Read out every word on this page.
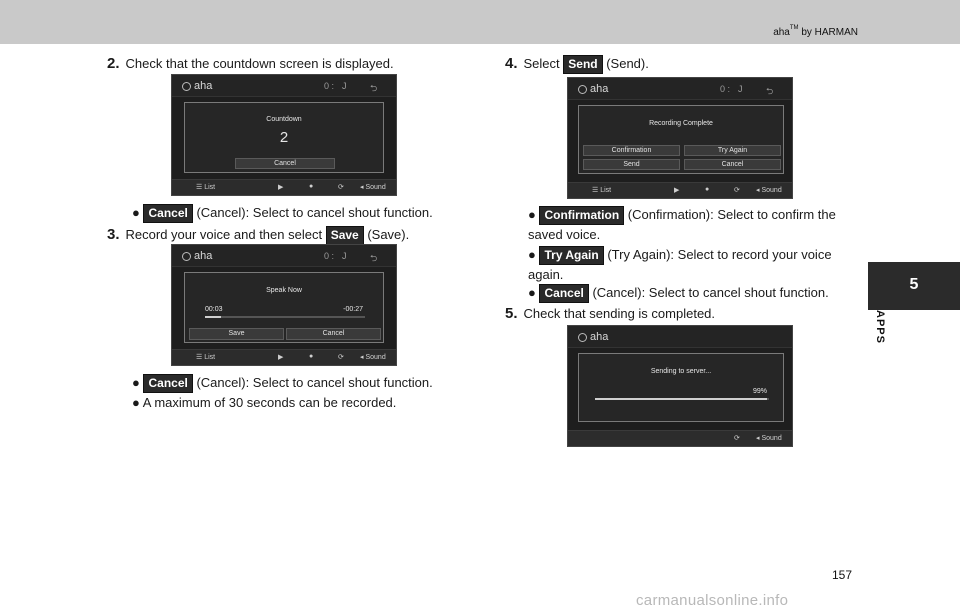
aha™ by HARMAN
5
APPS
2. Check that the countdown screen is displayed.
aha	0 : J	⮌
Countdown
2
Cancel
☰ List	▶	●	⟳ ◂ Sound
● Cancel (Cancel): Select to cancel shout function.
3. Record your voice and then select Save (Save).
aha	0 : J	⮌
Speak Now
00:03	-00:27
Save	Cancel
☰ List	▶	●	⟳ ◂ Sound
● Cancel (Cancel): Select to cancel shout function.
● A maximum of 30 seconds can be recorded.
4. Select Send (Send).
aha	0 : J	⮌
Recording Complete
Confirmation	Try Again
Send	Cancel
☰ List	▶	●	⟳ ◂ Sound
● Confirmation (Confirmation): Select to confirm the saved voice.
● Try Again (Try Again): Select to record your voice again.
● Cancel (Cancel): Select to cancel shout function.
5. Check that sending is completed.
aha
Sending to server...
99%
⟳ ◂ Sound
157
carmanualsonline.info
